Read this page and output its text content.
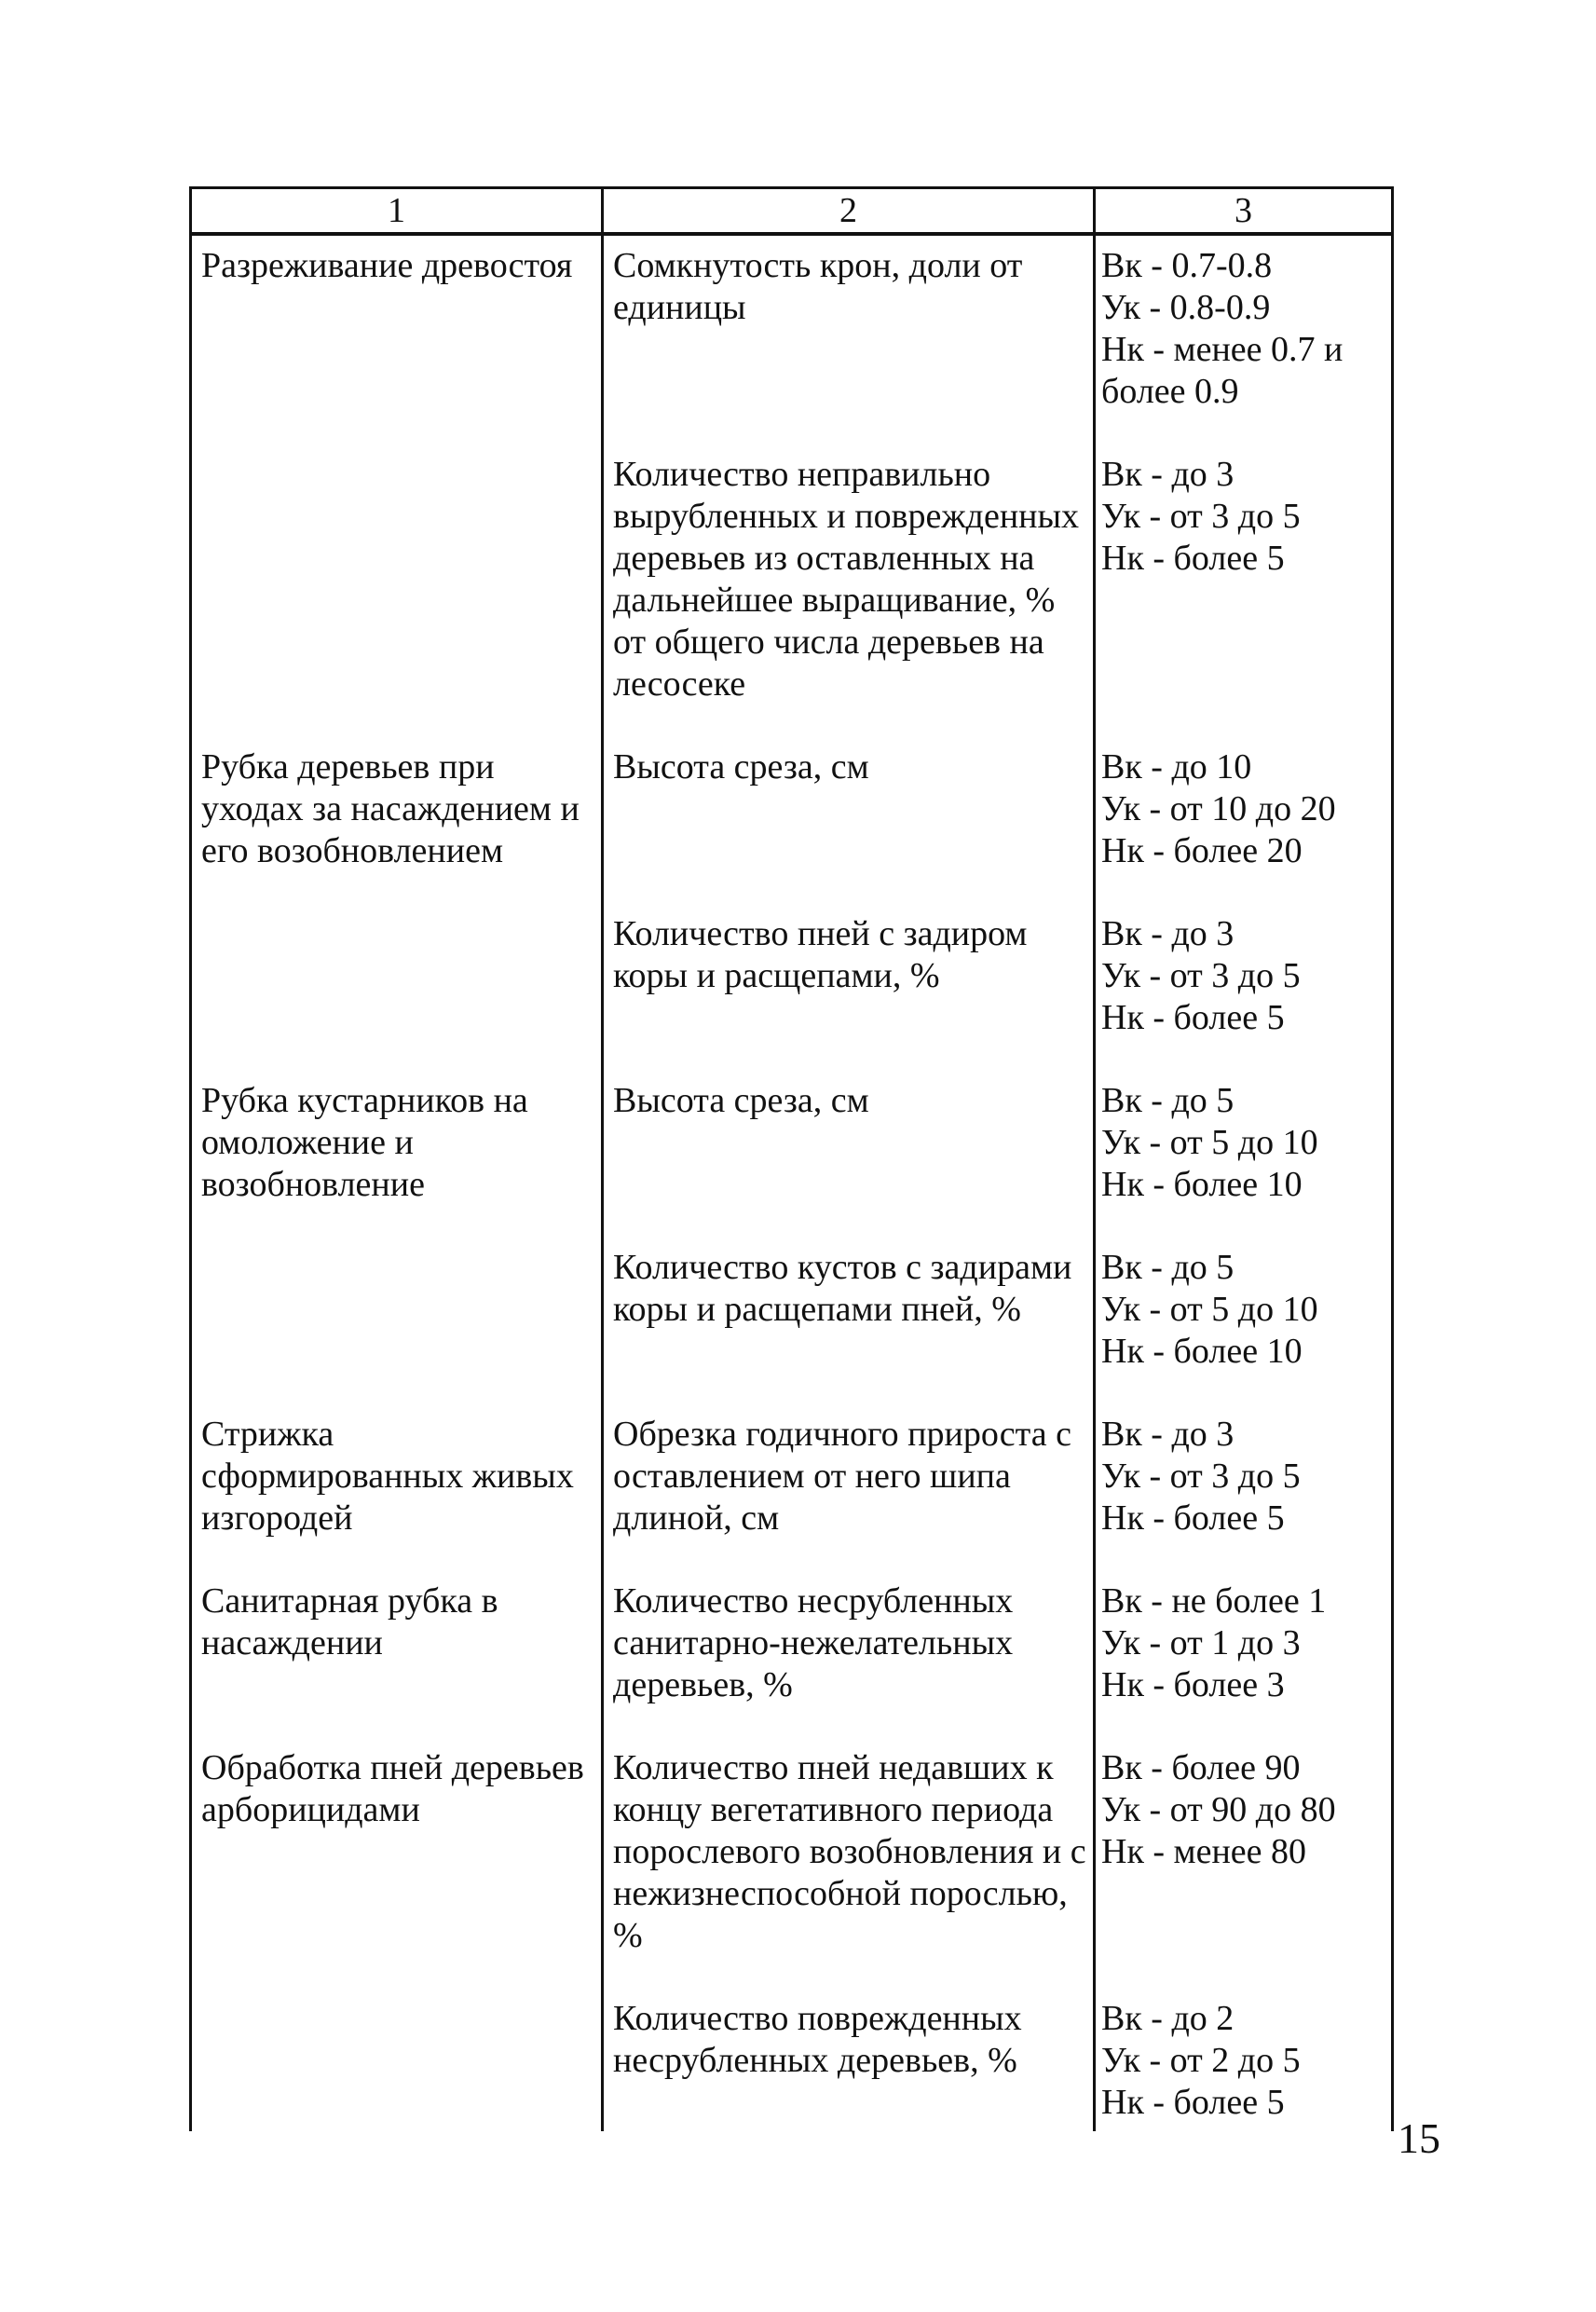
1	2	3
Разреживание древостоя	Сомкнутость крон, доли от единицы	Вк - 0.7-0.8
Ук - 0.8-0.9
Нк - менее 0.7 и более 0.9

	Количество неправильно вырубленных и поврежденных деревьев из оставленных на дальнейшее выращивание, % от общего числа деревьев на лесосеке	Вк - до 3
Ук - от 3 до 5
Нк - более 5

Рубка деревьев при уходах за насаждением и его возобновлением	Высота среза, см	Вк - до 10
Ук - от 10 до 20
Нк - более 20

	Количество пней с задиром коры и расщепами, %	Вк - до 3
Ук - от 3 до 5
Нк - более 5

Рубка кустарников на омоложение и возобновление	Высота среза, см	Вк - до 5
Ук - от 5 до 10
Нк - более 10

	Количество кустов с задирами коры и расщепами пней, %	Вк - до 5
Ук - от 5 до 10
Нк - более 10

Стрижка сформированных живых изгородей	Обрезка годичного прироста с оставлением от него шипа длиной, см	Вк - до 3
Ук - от 3 до 5
Нк - более 5

Санитарная рубка в насаждении	Количество несрубленных санитарно-нежелательных деревьев, %	Вк - не более 1
Ук - от 1 до 3
Нк - более 3

Обработка пней деревьев арборицидами	Количество пней недавших к концу вегетативного периода порослевого возобновления и с нежизнеспособной порослью, %	Вк - более 90
Ук - от 90 до 80
Нк - менее 80

	Количество поврежденных несрубленных деревьев, %	Вк - до 2
Ук - от 2 до 5
Нк - более 5
15
